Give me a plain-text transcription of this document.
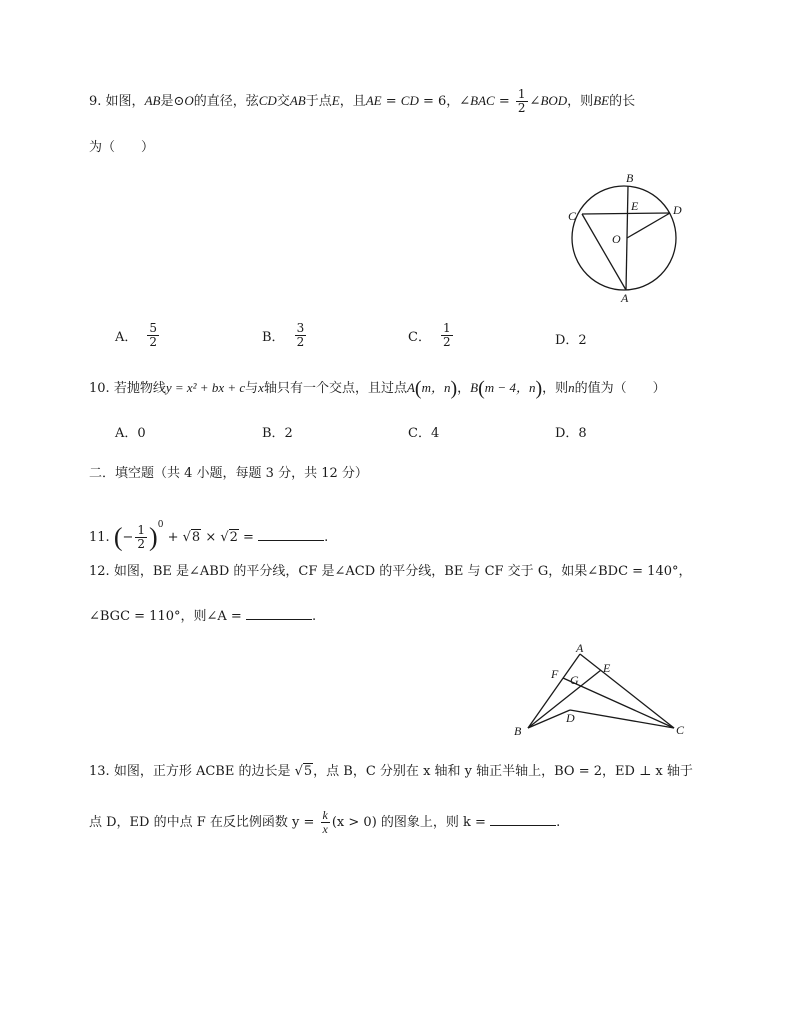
9. 如图，AB是⊙O的直径，弦CD交AB于点E，且AE = CD = 6，∠BAC = $\frac{1}{2}$ ∠BOD，则BE的长
为（　　）
B
E
C	D
O
A
A． $\frac{5}{2}$	B． $\frac{3}{2}$	C． $\frac{1}{2}$	D．2
10. 若抛物线y = x² + bx + c与x轴只有一个交点，且过点A(m，n)，B(m − 4，n)，则n的值为（　　）
A．0	B．2	C．4	D．8
二．填空题（共 4 小题，每题 3 分，共 12 分）
11. (− $\frac{1}{2} )^0 + √8 \times √2$ =	.
12. 如图，BE 是∠ABD 的平分线，CF 是∠ACD 的平分线，BE 与 CF 交于 G，如果∠BDC = 140°，
∠BGC = 110°，则∠A =	.
A
E
F G
D
B	C
13. 如图，正方形 ACBE 的边长是 √5，点 B，C 分别在 x 轴和 y 轴正半轴上，BO = 2，ED ⊥ x 轴于
点 D，ED 的中点 F 在反比例函数 $y = \frac{k}{x} (x > 0)$ 的图象上，则 k =	.
